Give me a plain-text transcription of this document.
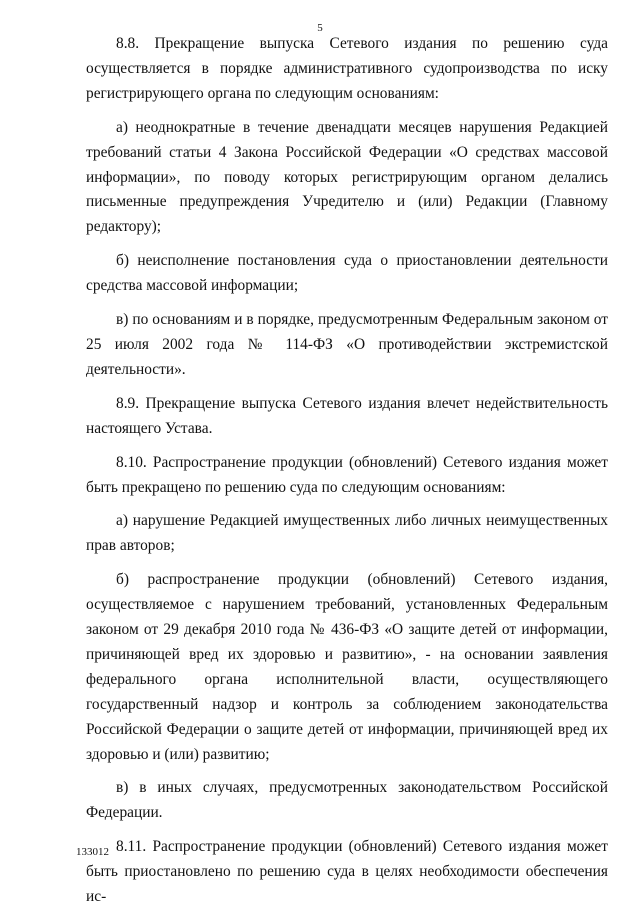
5

8.8. Прекращение выпуска Сетевого издания по решению суда осуществляется в порядке административного судопроизводства по иску регистрирующего органа по следующим основаниям:

а) неоднократные в течение двенадцати месяцев нарушения Редакцией требований статьи 4 Закона Российской Федерации «О средствах массовой информации», по поводу которых регистрирующим органом делались письменные предупреждения Учредителю и (или) Редакции (Главному редактору);

б) неисполнение постановления суда о приостановлении деятельности средства массовой информации;

в) по основаниям и в порядке, предусмотренным Федеральным законом от 25 июля 2002 года № 114-ФЗ «О противодействии экстремистской деятельности».

8.9. Прекращение выпуска Сетевого издания влечет недействительность настоящего Устава.

8.10. Распространение продукции (обновлений) Сетевого издания может быть прекращено по решению суда по следующим основаниям:

а) нарушение Редакцией имущественных либо личных неимущественных прав авторов;

б) распространение продукции (обновлений) Сетевого издания, осуществляемое с нарушением требований, установленных Федеральным законом от 29 декабря 2010 года № 436-ФЗ «О защите детей от информации, причиняющей вред их здоровью и развитию», - на основании заявления федерального органа исполнительной власти, осуществляющего государственный надзор и контроль за соблюдением законодательства Российской Федерации о защите детей от информации, причиняющей вред их здоровью и (или) развитию;

в) в иных случаях, предусмотренных законодательством Российской Федерации.

8.11. Распространение продукции (обновлений) Сетевого издания может быть приостановлено по решению суда в целях необходимости обеспечения ис-

133012
